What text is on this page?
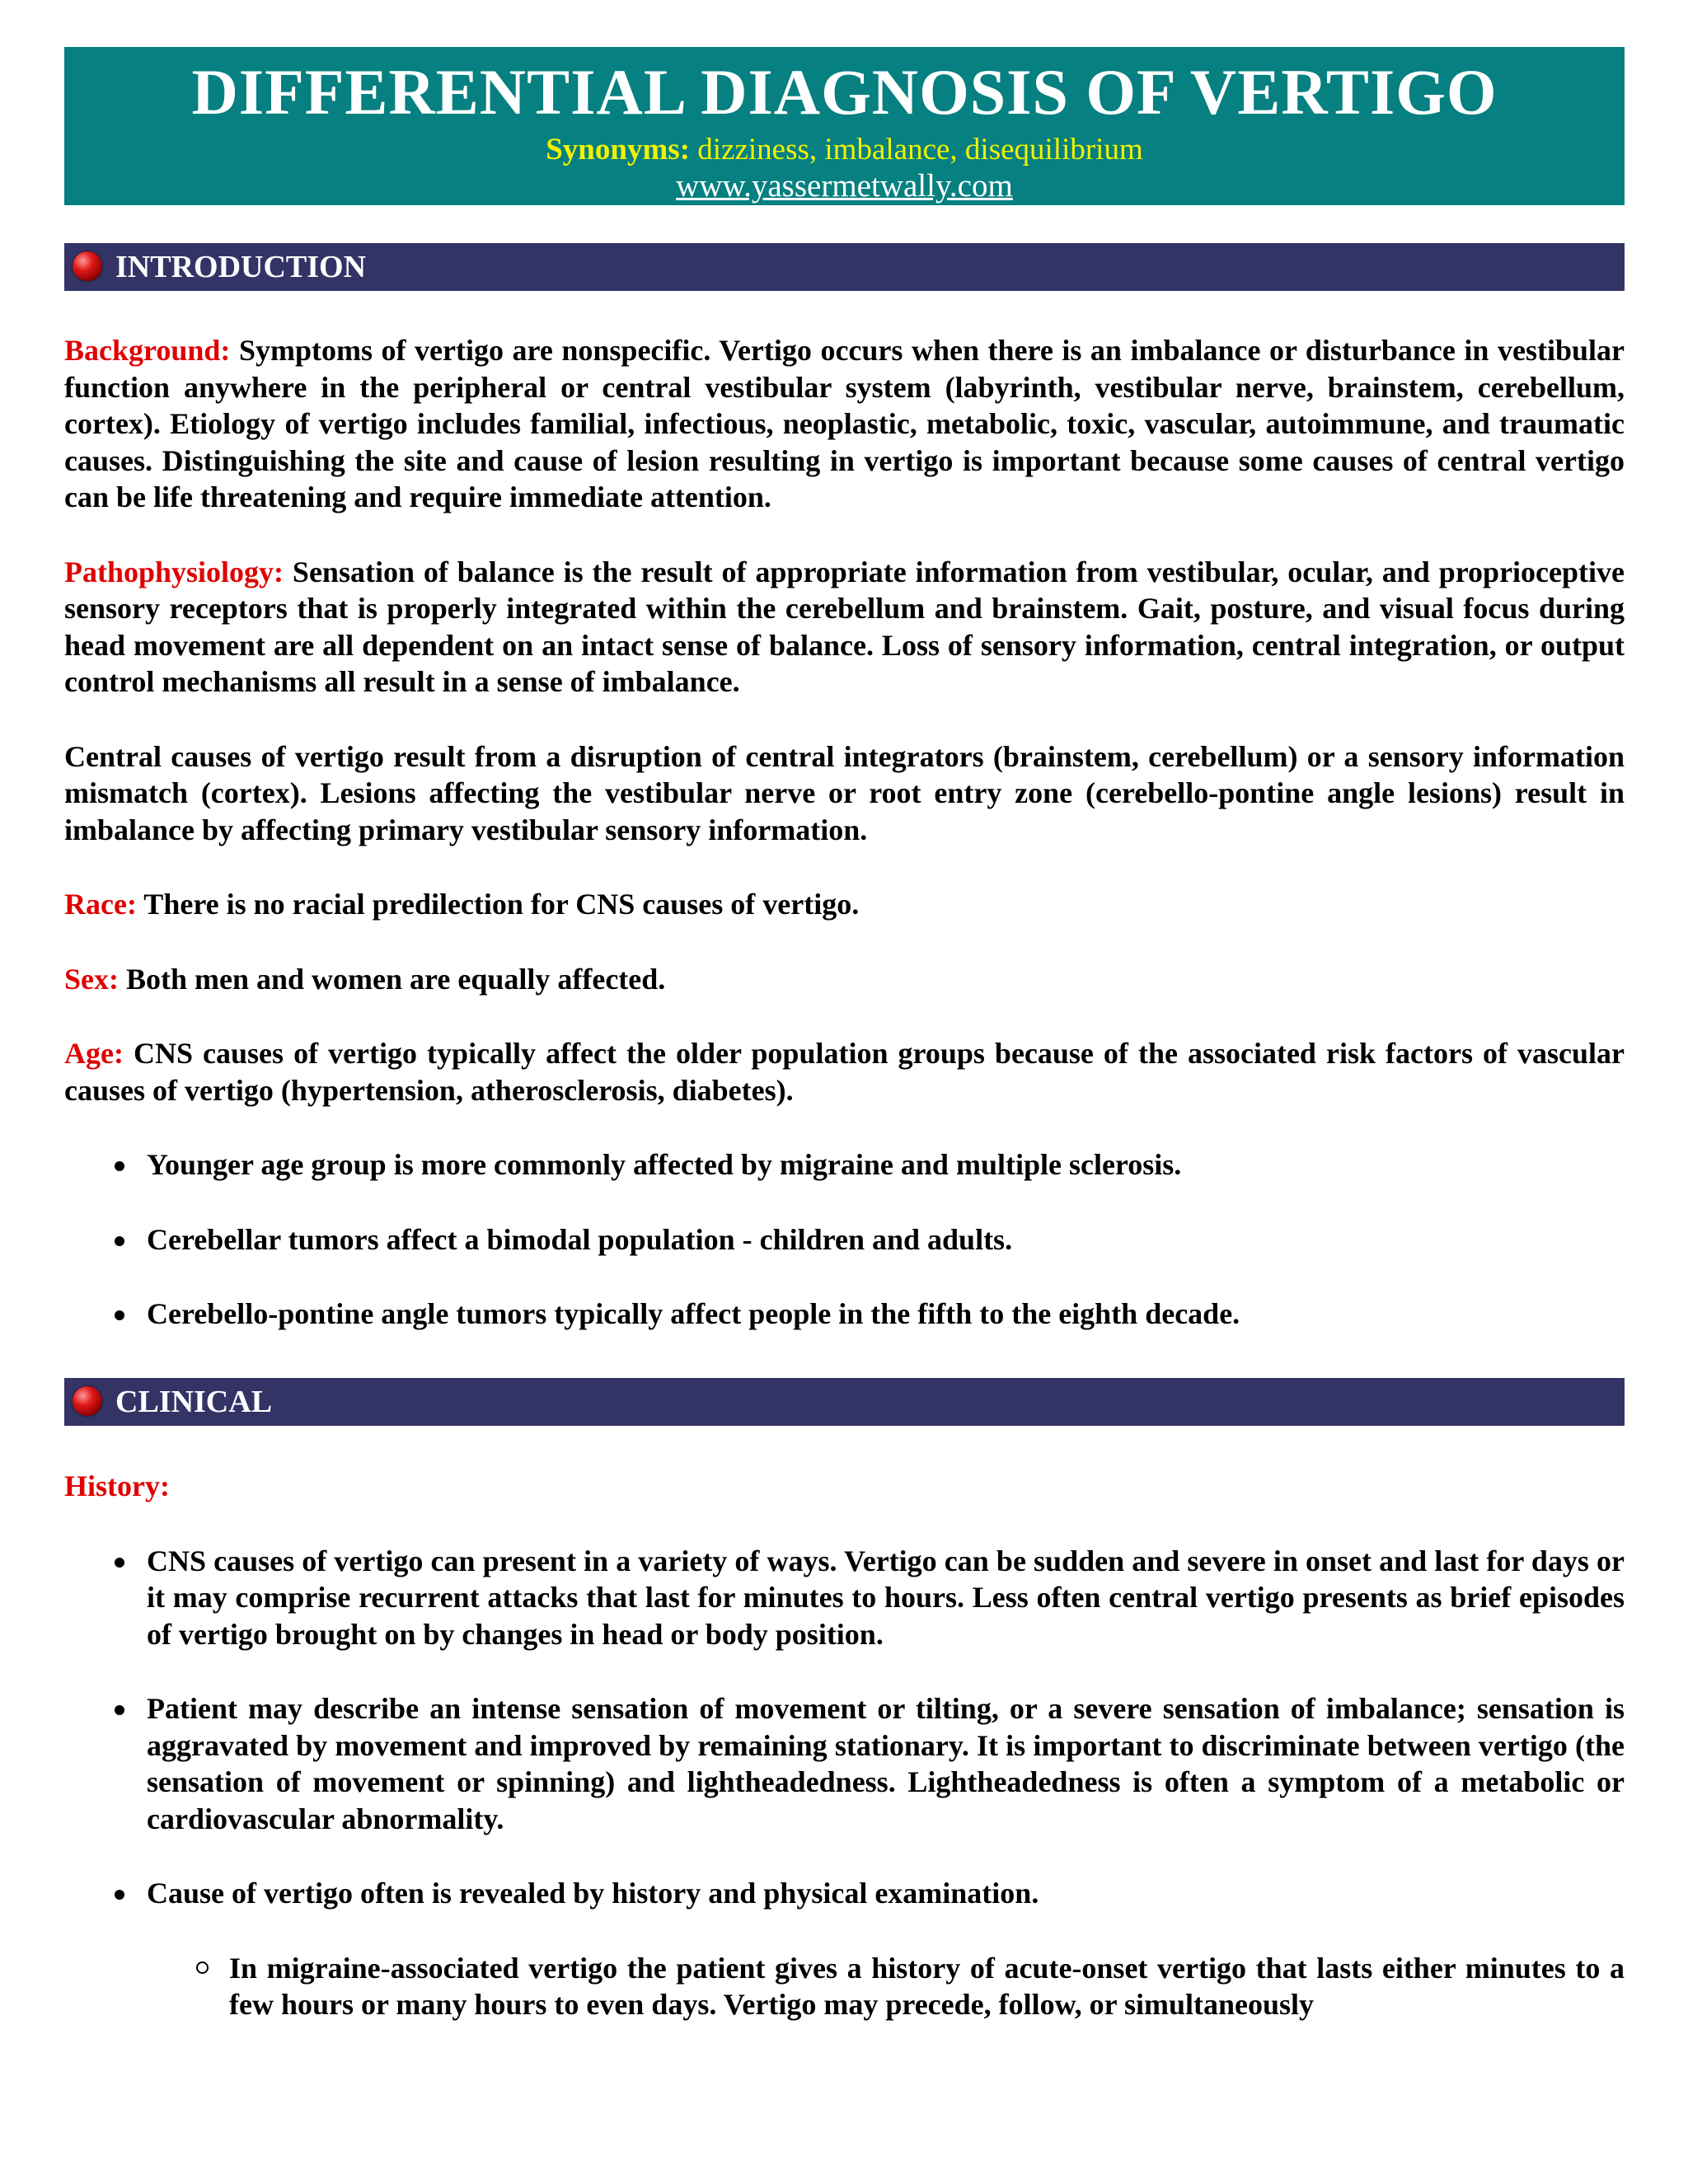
DIFFERENTIAL DIAGNOSIS OF VERTIGO
Synonyms: dizziness, imbalance, disequilibrium
www.yassermetwally.com
INTRODUCTION

Background: Symptoms of vertigo are nonspecific. Vertigo occurs when there is an imbalance or disturbance in vestibular function anywhere in the peripheral or central vestibular system (labyrinth, vestibular nerve, brainstem, cerebellum, cortex). Etiology of vertigo includes familial, infectious, neoplastic, metabolic, toxic, vascular, autoimmune, and traumatic causes. Distinguishing the site and cause of lesion resulting in vertigo is important because some causes of central vertigo can be life threatening and require immediate attention.

Pathophysiology: Sensation of balance is the result of appropriate information from vestibular, ocular, and proprioceptive sensory receptors that is properly integrated within the cerebellum and brainstem. Gait, posture, and visual focus during head movement are all dependent on an intact sense of balance. Loss of sensory information, central integration, or output control mechanisms all result in a sense of imbalance.

Central causes of vertigo result from a disruption of central integrators (brainstem, cerebellum) or a sensory information mismatch (cortex). Lesions affecting the vestibular nerve or root entry zone (cerebello-pontine angle lesions) result in imbalance by affecting primary vestibular sensory information.

Race: There is no racial predilection for CNS causes of vertigo.

Sex: Both men and women are equally affected.

Age: CNS causes of vertigo typically affect the older population groups because of the associated risk factors of vascular causes of vertigo (hypertension, atherosclerosis, diabetes).

Younger age group is more commonly affected by migraine and multiple sclerosis.
Cerebellar tumors affect a bimodal population - children and adults.
Cerebello-pontine angle tumors typically affect people in the fifth to the eighth decade.
CLINICAL

History:

CNS causes of vertigo can present in a variety of ways. Vertigo can be sudden and severe in onset and last for days or it may comprise recurrent attacks that last for minutes to hours. Less often central vertigo presents as brief episodes of vertigo brought on by changes in head or body position.
Patient may describe an intense sensation of movement or tilting, or a severe sensation of imbalance; sensation is aggravated by movement and improved by remaining stationary. It is important to discriminate between vertigo (the sensation of movement or spinning) and lightheadedness. Lightheadedness is often a symptom of a metabolic or cardiovascular abnormality.
Cause of vertigo often is revealed by history and physical examination.
In migraine-associated vertigo the patient gives a history of acute-onset vertigo that lasts either minutes to a few hours or many hours to even days. Vertigo may precede, follow, or simultaneously
